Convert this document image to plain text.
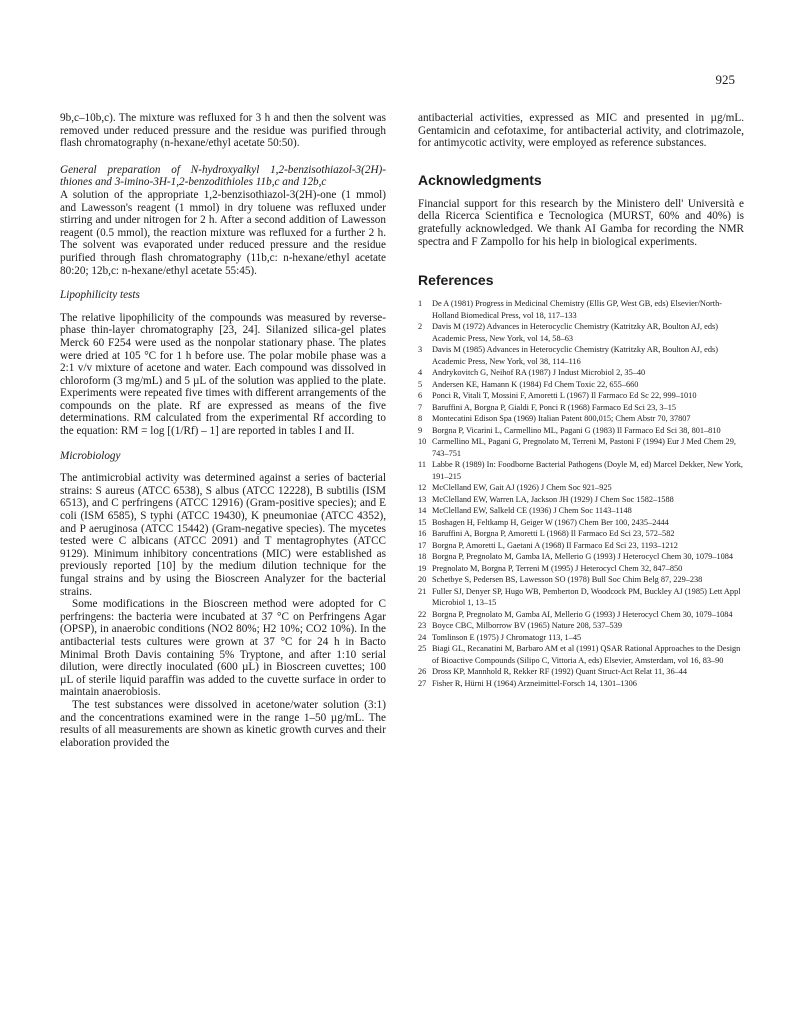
925

9b,c–10b,c). The mixture was refluxed for 3 h and then the solvent was removed under reduced pressure and the residue was purified through flash chromatography (n-hexane/ethyl acetate 50:50).

General preparation of N-hydroxyalkyl 1,2-benzisothiazol-3(2H)-thiones and 3-imino-3H-1,2-benzodithioles 11b,c and 12b,c

A solution of the appropriate 1,2-benzisothiazol-3(2H)-one (1 mmol) and Lawesson's reagent (1 mmol) in dry toluene was refluxed under stirring and under nitrogen for 2 h. After a second addition of Lawesson reagent (0.5 mmol), the reaction mixture was refluxed for a further 2 h. The solvent was evaporated under reduced pressure and the residue purified through flash chromatography (11b,c: n-hexane/ethyl acetate 80:20; 12b,c: n-hexane/ethyl acetate 55:45).

Lipophilicity tests

The relative lipophilicity of the compounds was measured by reverse-phase thin-layer chromatography [23, 24]. Silanized silica-gel plates Merck 60 F254 were used as the nonpolar stationary phase. The plates were dried at 105 °C for 1 h before use. The polar mobile phase was a 2:1 v/v mixture of acetone and water. Each compound was dissolved in chloroform (3 mg/mL) and 5 µL of the solution was applied to the plate. Experiments were repeated five times with different arrangements of the compounds on the plate. Rf are expressed as means of the five determinations. RM calculated from the experimental Rf according to the equation: RM = log [(1/Rf) – 1] are reported in tables I and II.

Microbiology

The antimicrobial activity was determined against a series of bacterial strains: S aureus (ATCC 6538), S albus (ATCC 12228), B subtilis (ISM 6513), and C perfringens (ATCC 12916) (Gram-positive species); and E coli (ISM 6585), S typhi (ATCC 19430), K pneumoniae (ATCC 4352), and P aeruginosa (ATCC 15442) (Gram-negative species). The mycetes tested were C albicans (ATCC 2091) and T mentagrophytes (ATCC 9129). Minimum inhibitory concentrations (MIC) were established as previously reported [10] by the medium dilution technique for the fungal strains and by using the Bioscreen Analyzer for the bacterial strains.

Some modifications in the Bioscreen method were adopted for C perfringens: the bacteria were incubated at 37 °C on Perfringens Agar (OPSP), in anaerobic conditions (NO2 80%; H2 10%; CO2 10%). In the antibacterial tests cultures were grown at 37 °C for 24 h in Bacto Minimal Broth Davis containing 5% Tryptone, and after 1:10 serial dilution, were directly inoculated (600 µL) in Bioscreen cuvettes; 100 µL of sterile liquid paraffin was added to the cuvette surface in order to maintain anaerobiosis.

The test substances were dissolved in acetone/water solution (3:1) and the concentrations examined were in the range 1–50 µg/mL. The results of all measurements are shown as kinetic growth curves and their elaboration provided the

antibacterial activities, expressed as MIC and presented in µg/mL. Gentamicin and cefotaxime, for antibacterial activity, and clotrimazole, for antimycotic activity, were employed as reference substances.

Acknowledgments

Financial support for this research by the Ministero dell' Università e della Ricerca Scientifica e Tecnologica (MURST, 60% and 40%) is gratefully acknowledged. We thank AI Gamba for recording the NMR spectra and F Zampollo for his help in biological experiments.

References
1 De A (1981) Progress in Medicinal Chemistry (Ellis GP, West GB, eds) Elsevier/North-Holland Biomedical Press, vol 18, 117–133
2 Davis M (1972) Advances in Heterocyclic Chemistry (Katritzky AR, Boulton AJ, eds) Academic Press, New York, vol 14, 58–63
3 Davis M (1985) Advances in Heterocyclic Chemistry (Katritzky AR, Boulton AJ, eds) Academic Press, New York, vol 38, 114–116
4 Andrykovitch G, Neihof RA (1987) J Indust Microbiol 2, 35–40
5 Andersen KE, Hamann K (1984) Fd Chem Toxic 22, 655–660
6 Ponci R, Vitali T, Mossini F, Amoretti L (1967) Il Farmaco Ed Sc 22, 999–1010
7 Baruffini A, Borgna P, Gialdi F, Ponci R (1968) Farmaco Ed Sci 23, 3–15
8 Montecatini Edison Spa (1969) Italian Patent 800,015; Chem Abstr 70, 37807
9 Borgna P, Vicarini L, Carmellino ML, Pagani G (1983) Il Farmaco Ed Sci 38, 801–810
10 Carmellino ML, Pagani G, Pregnolato M, Terreni M, Pastoni F (1994) Eur J Med Chem 29, 743–751
11 Labbe R (1989) In: Foodborne Bacterial Pathogens (Doyle M, ed) Marcel Dekker, New York, 191–215
12 McClelland EW, Gait AJ (1926) J Chem Soc 921–925
13 McClelland EW, Warren LA, Jackson JH (1929) J Chem Soc 1582–1588
14 McClelland EW, Salkeld CE (1936) J Chem Soc 1143–1148
15 Boshagen H, Feltkamp H, Geiger W (1967) Chem Ber 100, 2435–2444
16 Baruffini A, Borgna P, Amoretti L (1968) Il Farmaco Ed Sci 23, 572–582
17 Borgna P, Amoretti L, Gaetani A (1968) Il Farmaco Ed Sci 23, 1193–1212
18 Borgna P, Pregnolato M, Gamba IA, Mellerio G (1993) J Heterocycl Chem 30, 1079–1084
19 Pregnolato M, Borgna P, Terreni M (1995) J Heterocycl Chem 32, 847–850
20 Schetbye S, Pedersen BS, Lawesson SO (1978) Bull Soc Chim Belg 87, 229–238
21 Fuller SJ, Denyer SP, Hugo WB, Pemberton D, Woodcock PM, Buckley AJ (1985) Lett Appl Microbiol 1, 13–15
22 Borgna P, Pregnolato M, Gamba AI, Mellerio G (1993) J Heterocycl Chem 30, 1079–1084
23 Boyce CBC, Milborrow BV (1965) Nature 208, 537–539
24 Tomlinson E (1975) J Chromatogr 113, 1–45
25 Biagi GL, Recanatini M, Barbaro AM et al (1991) QSAR Rational Approaches to the Design of Bioactive Compounds (Silipo C, Vittoria A, eds) Elsevier, Amsterdam, vol 16, 83–90
26 Dross KP, Mannhold R, Rekker RF (1992) Quant Struct-Act Relat 11, 36–44
27 Fisher R, Hürni H (1964) Arzneimittel-Forsch 14, 1301–1306
